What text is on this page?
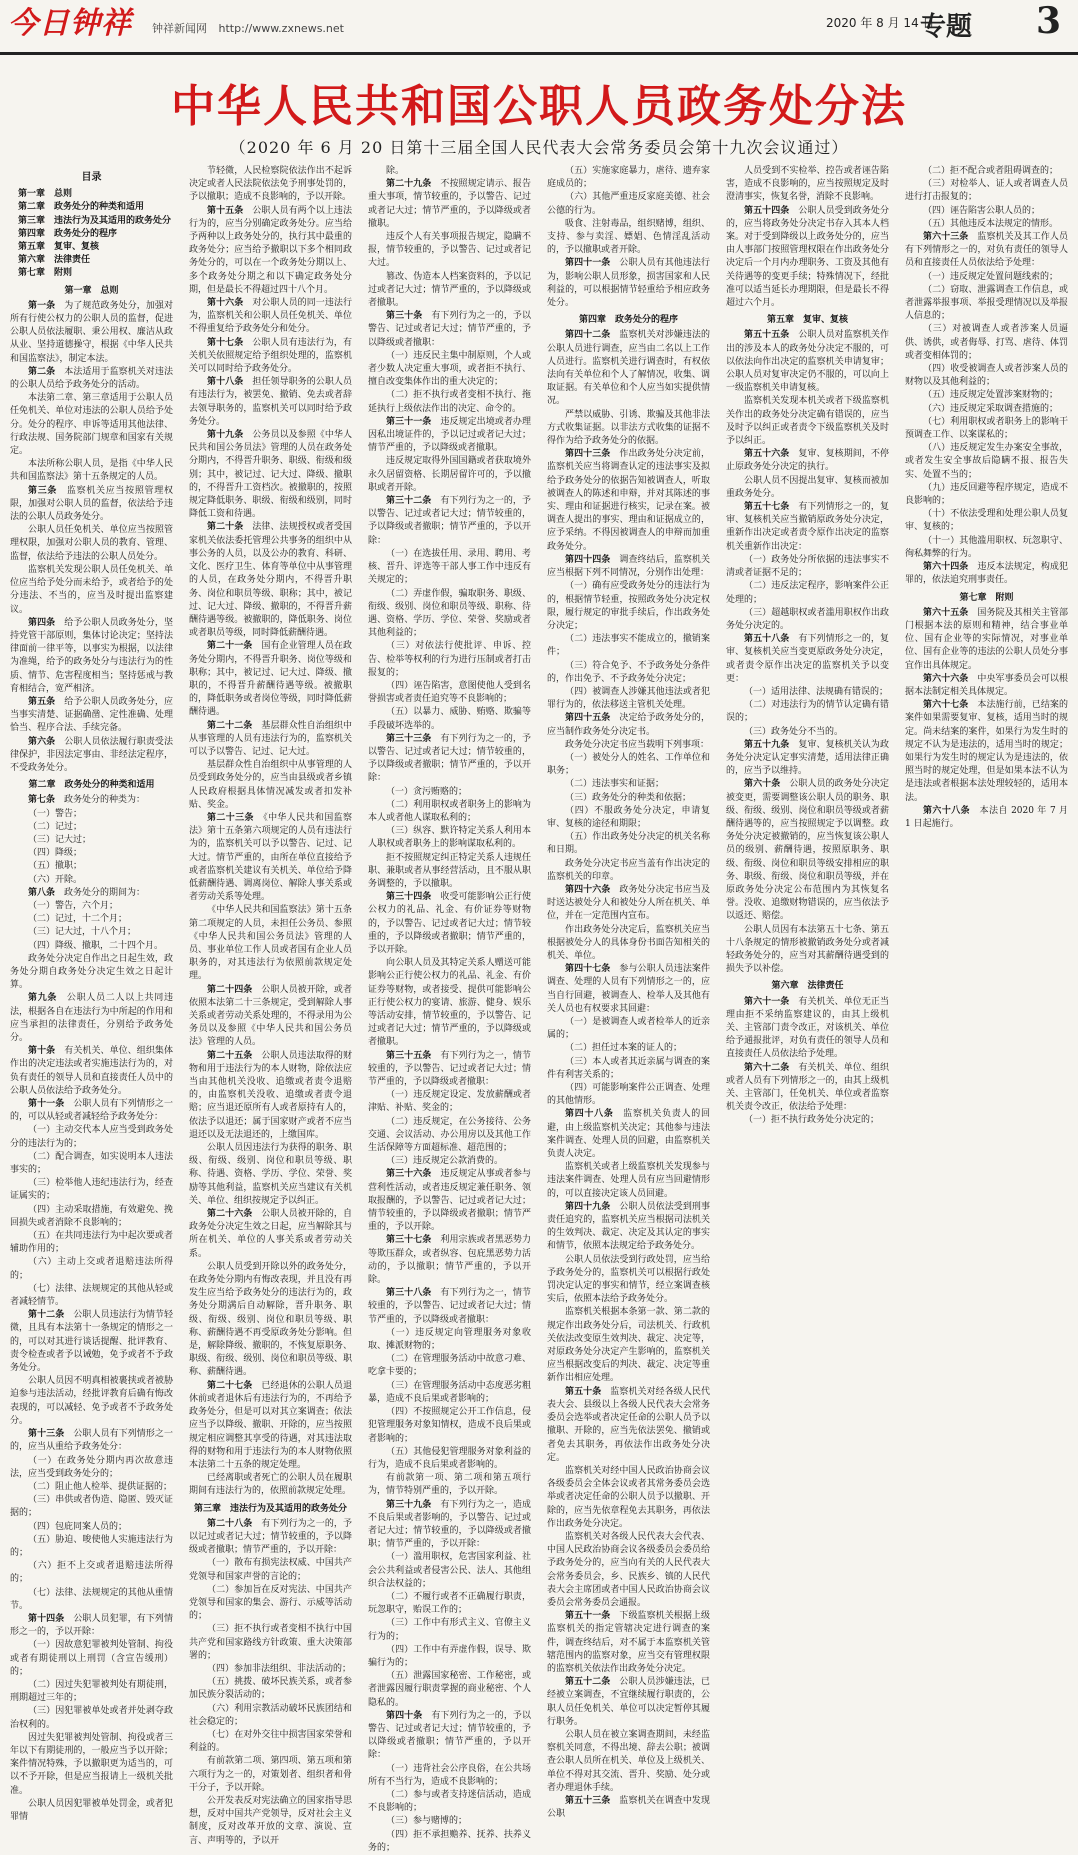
今日钟祥 钟祥新闻网 http://www.zxnews.net	2020 年 8 月 14 日
专题 3
中华人民共和国公职人员政务处分法
（2020 年 6 月 20 日第十三届全国人民代表大会常务委员会第十九次会议通过）
目录

第一章　总则

第二章　政务处分的种类和适用

第三章　违法行为及其适用的政务处分

第四章　政务处分的程序

第五章　复审、复核

第六章　法律责任

第七章　附则

第一章　总则

第一条　 为了规范政务处分，加强对所有行使公权力的公职人员的监督，促进公职人员依法履职、秉公用权、廉洁从政从业、坚持道德操守，根据《中华人民共和国监察法》，制定本法。

第二条　 本法适用于监察机关对违法的公职人员给予政务处分的活动。

本法第二章、第三章适用于公职人员任免机关、单位对违法的公职人员给予处分。处分的程序、申诉等适用其他法律、行政法规、国务院部门规章和国家有关规定。

本法所称公职人员，是指《中华人民共和国监察法》第十五条规定的人员。

第三条　 监察机关应当按照管理权限，加强对公职人员的监督，依法给予违法的公职人员政务处分。

公职人员任免机关、单位应当按照管理权限，加强对公职人员的教育、管理、监督，依法给予违法的公职人员处分。

监察机关发现公职人员任免机关、单位应当给予处分而未给予，或者给予的处分违法、不当的，应当及时提出监察建议。

第四条　 给予公职人员政务处分，坚持党管干部原则，集体讨论决定；坚持法律面前一律平等，以事实为根据，以法律为准绳，给予的政务处分与违法行为的性质、情节、危害程度相当；坚持惩戒与教育相结合，宽严相济。

第五条　 给予公职人员政务处分，应当事实清楚、证据确凿、定性准确、处理恰当、程序合法、手续完备。

第六条　 公职人员依法履行职责受法律保护，非因法定事由、非经法定程序，不受政务处分。

第二章　政务处分的种类和适用

第七条　 政务处分的种类为：

（一）警告；

（二）记过；

（三）记大过；

（四）降级；

（五）撤职；

（六）开除。

第八条　 政务处分的期间为：

（一）警告，六个月；

（二）记过，十二个月；

（三）记大过，十八个月；

（四）降级、撤职，二十四个月。

政务处分决定自作出之日起生效，政务处分期自政务处分决定生效之日起计算。

第九条　 公职人员二人以上共同违法，根据各自在违法行为中所起的作用和应当承担的法律责任，分别给予政务处分。

第十条　 有关机关、单位、组织集体作出的决定违法或者实施违法行为的，对负有责任的领导人员和直接责任人员中的公职人员依法给予政务处分。

第十一条　 公职人员有下列情形之一的，可以从轻或者减轻给予政务处分：

（一）主动交代本人应当受到政务处分的违法行为的；

（二）配合调查，如实说明本人违法事实的；

（三）检举他人违纪违法行为，经查证属实的；

（四）主动采取措施，有效避免、挽回损失或者消除不良影响的；

（五）在共同违法行为中起次要或者辅助作用的；

（六）主动上交或者退赔违法所得的；

（七）法律、法规规定的其他从轻或者减轻情节。

第十二条　 公职人员违法行为情节轻微，且具有本法第十一条规定的情形之一的，可以对其进行谈话提醒、批评教育、责令检查或者予以诫勉，免予或者不予政务处分。

公职人员因不明真相被裹挟或者被胁迫参与违法活动，经批评教育后确有悔改表现的，可以减轻、免予或者不予政务处分。

第十三条　 公职人员有下列情形之一的，应当从重给予政务处分：

（一）在政务处分期内再次故意违法，应当受到政务处分的；

（二）阻止他人检举、提供证据的；

（三）串供或者伪造、隐匿、毁灭证据的；

（四）包庇同案人员的；

（五）胁迫、唆使他人实施违法行为的；

（六）拒不上交或者退赔违法所得的；

（七）法律、法规规定的其他从重情节。

第十四条　 公职人员犯罪，有下列情形之一的，予以开除：

（一）因故意犯罪被判处管制、拘役或者有期徒刑以上刑罚（含宣告缓刑）的；

（二）因过失犯罪被判处有期徒刑，刑期超过三年的；

（三）因犯罪被单处或者并处剥夺政治权利的。

因过失犯罪被判处管制、拘役或者三年以下有期徒刑的，一般应当予以开除；案件情况特殊，予以撤职更为适当的，可以不予开除，但是应当报请上一级机关批准。

公职人员因犯罪被单处罚金，或者犯罪情

节轻微，人民检察院依法作出不起诉决定或者人民法院依法免予刑事处罚的，予以撤职；造成不良影响的，予以开除。

第十五条　 公职人员有两个以上违法行为的，应当分别确定政务处分。应当给予两种以上政务处分的，执行其中最重的政务处分；应当给予撤职以下多个相同政务处分的，可以在一个政务处分期以上、多个政务处分期之和以下确定政务处分期，但是最长不得超过四十八个月。

第十六条　 对公职人员的同一违法行为，监察机关和公职人员任免机关、单位不得重复给予政务处分和处分。

第十七条　 公职人员有违法行为，有关机关依照规定给予组织处理的，监察机关可以同时给予政务处分。

第十八条　 担任领导职务的公职人员有违法行为，被罢免、撤销、免去或者辞去领导职务的，监察机关可以同时给予政务处分。

第十九条　 公务员以及参照《中华人民共和国公务员法》管理的人员在政务处分期内，不得晋升职务、职级、衔级和级别；其中，被记过、记大过、降级、撤职的，不得晋升工资档次。被撤职的，按照规定降低职务、职级、衔级和级别，同时降低工资和待遇。

第二十条　 法律、法规授权或者受国家机关依法委托管理公共事务的组织中从事公务的人员，以及公办的教育、科研、文化、医疗卫生、体育等单位中从事管理的人员，在政务处分期内，不得晋升职务、岗位和职员等级、职称；其中，被记过、记大过、降级、撤职的，不得晋升薪酬待遇等级。被撤职的，降低职务、岗位或者职员等级，同时降低薪酬待遇。

第二十一条　 国有企业管理人员在政务处分期内，不得晋升职务、岗位等级和职称；其中，被记过、记大过、降级、撤职的，不得晋升薪酬待遇等级。被撤职的，降低职务或者岗位等级，同时降低薪酬待遇。

第二十二条　 基层群众性自治组织中从事管理的人员有违法行为的，监察机关可以予以警告、记过、记大过。

基层群众性自治组织中从事管理的人员受到政务处分的，应当由县级或者乡镇人民政府根据具体情况减发或者扣发补贴、奖金。

第二十三条　 《中华人民共和国监察法》第十五条第六项规定的人员有违法行为的，监察机关可以予以警告、记过、记大过。情节严重的，由所在单位直接给予或者监察机关建议有关机关、单位给予降低薪酬待遇、调离岗位、解除人事关系或者劳动关系等处理。

《中华人民共和国监察法》第十五条第二项规定的人员，未担任公务员、参照《中华人民共和国公务员法》管理的人员、事业单位工作人员或者国有企业人员职务的，对其违法行为依照前款规定处理。

第二十四条　 公职人员被开除，或者依照本法第二十三条规定，受到解除人事关系或者劳动关系处理的，不得录用为公务员以及参照《中华人民共和国公务员法》管理的人员。

第二十五条　 公职人员违法取得的财物和用于违法行为的本人财物，除依法应当由其他机关没收、追缴或者责令退赔的，由监察机关没收、追缴或者责令退赔；应当退还原所有人或者原持有人的，依法予以退还；属于国家财产或者不应当退还以及无法退还的，上缴国库。

公职人员因违法行为获得的职务、职级、衔级、级别、岗位和职员等级、职称、待遇、资格、学历、学位、荣誉、奖励等其他利益，监察机关应当建议有关机关、单位、组织按规定予以纠正。

第二十六条　 公职人员被开除的，自政务处分决定生效之日起，应当解除其与所在机关、单位的人事关系或者劳动关系。

公职人员受到开除以外的政务处分，在政务处分期内有悔改表现，并且没有再发生应当给予政务处分的违法行为的，政务处分期满后自动解除，晋升职务、职级、衔级、级别、岗位和职员等级、职称、薪酬待遇不再受原政务处分影响。但是，解除降级、撤职的，不恢复原职务、职级、衔级、级别、岗位和职员等级、职称、薪酬待遇。

第二十七条　 已经退休的公职人员退休前或者退休后有违法行为的，不再给予政务处分，但是可以对其立案调查；依法应当予以降级、撤职、开除的，应当按照规定相应调整其享受的待遇，对其违法取得的财物和用于违法行为的本人财物依照本法第二十五条的规定处理。

已经离职或者死亡的公职人员在履职期间有违法行为的，依照前款规定处理。

第三章　违法行为及其适用的政务处分

第二十八条　 有下列行为之一的，予以记过或者记大过；情节较重的，予以降级或者撤职；情节严重的，予以开除：

（一）散布有损宪法权威、中国共产党领导和国家声誉的言论的；

（二）参加旨在反对宪法、中国共产党领导和国家的集会、游行、示威等活动的；

（三）拒不执行或者变相不执行中国共产党和国家路线方针政策、重大决策部署的；

（四）参加非法组织、非法活动的；

（五）挑拨、破坏民族关系，或者参加民族分裂活动的；

（六）利用宗教活动破坏民族团结和社会稳定的；

（七）在对外交往中损害国家荣誉和利益的。

有前款第二项、第四项、第五项和第六项行为之一的，对策划者、组织者和骨干分子，予以开除。

公开发表反对宪法确立的国家指导思想，反对中国共产党领导，反对社会主义制度，反对改革开放的文章、演说、宣言、声明等的，予以开

除。

第二十九条　 不按照规定请示、报告重大事项，情节较重的，予以警告、记过或者记大过；情节严重的，予以降级或者撤职。

违反个人有关事项报告规定，隐瞒不报，情节较重的，予以警告、记过或者记大过。

篡改、伪造本人档案资料的，予以记过或者记大过；情节严重的，予以降级或者撤职。

第三十条　 有下列行为之一的，予以警告、记过或者记大过；情节严重的，予以降级或者撤职：

（一）违反民主集中制原则，个人或者少数人决定重大事项，或者拒不执行、擅自改变集体作出的重大决定的；

（二）拒不执行或者变相不执行、拖延执行上级依法作出的决定、命令的。

第三十一条　 违反规定出境或者办理因私出境证件的，予以记过或者记大过；情节严重的，予以降级或者撤职。

违反规定取得外国国籍或者获取境外永久居留资格、长期居留许可的，予以撤职或者开除。

第三十二条　 有下列行为之一的，予以警告、记过或者记大过；情节较重的，予以降级或者撤职；情节严重的，予以开除：

（一）在选拔任用、录用、聘用、考核、晋升、评选等干部人事工作中违反有关规定的；

（二）弄虚作假，骗取职务、职级、衔级、级别、岗位和职员等级、职称、待遇、资格、学历、学位、荣誉、奖励或者其他利益的；

（三）对依法行使批评、申诉、控告、检举等权利的行为进行压制或者打击报复的；

（四）诬告陷害，意图使他人受到名誉损害或者责任追究等不良影响的；

（五）以暴力、威胁、贿赂、欺骗等手段破坏选举的。

第三十三条　 有下列行为之一的，予以警告、记过或者记大过；情节较重的，予以降级或者撤职；情节严重的，予以开除：

（一）贪污贿赂的；

（二）利用职权或者职务上的影响为本人或者他人谋取私利的；

（三）纵容、默许特定关系人利用本人职权或者职务上的影响谋取私利的。

拒不按照规定纠正特定关系人违规任职、兼职或者从事经营活动，且不服从职务调整的，予以撤职。

第三十四条　 收受可能影响公正行使公权力的礼品、礼金、有价证券等财物的，予以警告、记过或者记大过；情节较重的，予以降级或者撤职；情节严重的，予以开除。

向公职人员及其特定关系人赠送可能影响公正行使公权力的礼品、礼金、有价证券等财物，或者接受、提供可能影响公正行使公权力的宴请、旅游、健身、娱乐等活动安排，情节较重的，予以警告、记过或者记大过；情节严重的，予以降级或者撤职。

第三十五条　 有下列行为之一，情节较重的，予以警告、记过或者记大过；情节严重的，予以降级或者撤职：

（一）违反规定设定、发放薪酬或者津贴、补贴、奖金的；

（二）违反规定，在公务接待、公务交通、会议活动、办公用房以及其他工作生活保障等方面超标准、超范围的；

（三）违反规定公款消费的。

第三十六条　 违反规定从事或者参与营利性活动，或者违反规定兼任职务、领取报酬的，予以警告、记过或者记大过；情节较重的，予以降级或者撤职；情节严重的，予以开除。

第三十七条　 利用宗族或者黑恶势力等欺压群众，或者纵容、包庇黑恶势力活动的，予以撤职；情节严重的，予以开除。

第三十八条　 有下列行为之一，情节较重的，予以警告、记过或者记大过；情节严重的，予以降级或者撤职：

（一）违反规定向管理服务对象收取、摊派财物的；

（二）在管理服务活动中故意刁难、吃拿卡要的；

（三）在管理服务活动中态度恶劣粗暴，造成不良后果或者影响的；

（四）不按照规定公开工作信息，侵犯管理服务对象知情权，造成不良后果或者影响的；

（五）其他侵犯管理服务对象利益的行为，造成不良后果或者影响的。

有前款第一项、第二项和第五项行为，情节特别严重的，予以开除。

第三十九条　 有下列行为之一，造成不良后果或者影响的，予以警告、记过或者记大过；情节较重的，予以降级或者撤职；情节严重的，予以开除：

（一）滥用职权，危害国家利益、社会公共利益或者侵害公民、法人、其他组织合法权益的；

（二）不履行或者不正确履行职责，玩忽职守，贻误工作的；

（三）工作中有形式主义、官僚主义行为的；

（四）工作中有弄虚作假，误导、欺骗行为的；

（五）泄露国家秘密、工作秘密，或者泄露因履行职责掌握的商业秘密、个人隐私的。

第四十条　 有下列行为之一的，予以警告、记过或者记大过；情节较重的，予以降级或者撤职；情节严重的，予以开除：

（一）违背社会公序良俗，在公共场所有不当行为，造成不良影响的；

（二）参与或者支持迷信活动，造成不良影响的；

（三）参与赌博的；

（四）拒不承担赡养、抚养、扶养义务的；

（五）实施家庭暴力，虐待、遗弃家庭成员的；

（六）其他严重违反家庭美德、社会公德的行为。

吸食、注射毒品，组织赌博，组织、支持、参与卖淫、嫖娼、色情淫乱活动的，予以撤职或者开除。

第四十一条　 公职人员有其他违法行为，影响公职人员形象，损害国家和人民利益的，可以根据情节轻重给予相应政务处分。

第四章　政务处分的程序

第四十二条　 监察机关对涉嫌违法的公职人员进行调查，应当由二名以上工作人员进行。监察机关进行调查时，有权依法向有关单位和个人了解情况，收集、调取证据。有关单位和个人应当如实提供情况。

严禁以威胁、引诱、欺骗及其他非法方式收集证据。以非法方式收集的证据不得作为给予政务处分的依据。

第四十三条　 作出政务处分决定前，监察机关应当将调查认定的违法事实及拟给予政务处分的依据告知被调查人，听取被调查人的陈述和申辩，并对其陈述的事实、理由和证据进行核实，记录在案。被调查人提出的事实、理由和证据成立的，应予采纳。不得因被调查人的申辩而加重政务处分。

第四十四条　 调查终结后，监察机关应当根据下列不同情况，分别作出处理：

（一）确有应受政务处分的违法行为的，根据情节轻重，按照政务处分决定权限，履行规定的审批手续后，作出政务处分决定；

（二）违法事实不能成立的，撤销案件；

（三）符合免予、不予政务处分条件的，作出免予、不予政务处分决定；

（四）被调查人涉嫌其他违法或者犯罪行为的，依法移送主管机关处理。

第四十五条　 决定给予政务处分的，应当制作政务处分决定书。

政务处分决定书应当载明下列事项：

（一）被处分人的姓名、工作单位和职务；

（二）违法事实和证据；

（三）政务处分的种类和依据；

（四）不服政务处分决定，申请复审、复核的途径和期限；

（五）作出政务处分决定的机关名称和日期。

政务处分决定书应当盖有作出决定的监察机关的印章。

第四十六条　 政务处分决定书应当及时送达被处分人和被处分人所在机关、单位，并在一定范围内宣布。

作出政务处分决定后，监察机关应当根据被处分人的具体身份书面告知相关的机关、单位。

第四十七条　 参与公职人员违法案件调查、处理的人员有下列情形之一的，应当自行回避，被调查人、检举人及其他有关人员也有权要求其回避：

（一）是被调查人或者检举人的近亲属的；

（二）担任过本案的证人的；

（三）本人或者其近亲属与调查的案件有利害关系的；

（四）可能影响案件公正调查、处理的其他情形。

第四十八条　 监察机关负责人的回避，由上级监察机关决定；其他参与违法案件调查、处理人员的回避，由监察机关负责人决定。

监察机关或者上级监察机关发现参与违法案件调查、处理人员有应当回避情形的，可以直接决定该人员回避。

第四十九条　 公职人员依法受到刑事责任追究的，监察机关应当根据司法机关的生效判决、裁定、决定及其认定的事实和情节，依照本法规定给予政务处分。

公职人员依法受到行政处罚，应当给予政务处分的，监察机关可以根据行政处罚决定认定的事实和情节，经立案调查核实后，依照本法给予政务处分。

监察机关根据本条第一款、第二款的规定作出政务处分后，司法机关、行政机关依法改变原生效判决、裁定、决定等，对原政务处分决定产生影响的，监察机关应当根据改变后的判决、裁定、决定等重新作出相应处理。

第五十条　 监察机关对经各级人民代表大会、县级以上各级人民代表大会常务委员会选举或者决定任命的公职人员予以撤职、开除的，应当先依法罢免、撤销或者免去其职务，再依法作出政务处分决定。

监察机关对经中国人民政治协商会议各级委员会全体会议或者其常务委员会选举或者决定任命的公职人员予以撤职、开除的，应当先依章程免去其职务，再依法作出政务处分决定。

监察机关对各级人民代表大会代表、中国人民政治协商会议各级委员会委员给予政务处分的，应当向有关的人民代表大会常务委员会，乡、民族乡、镇的人民代表大会主席团或者中国人民政治协商会议委员会常务委员会通报。

第五十一条　 下级监察机关根据上级监察机关的指定管辖决定进行调查的案件，调查终结后，对不属于本监察机关管辖范围内的监察对象，应当交有管理权限的监察机关依法作出政务处分决定。

第五十二条　 公职人员涉嫌违法，已经被立案调查，不宜继续履行职责的，公职人员任免机关、单位可以决定暂停其履行职务。

公职人员在被立案调查期间，未经监察机关同意，不得出境、辞去公职；被调查公职人员所在机关、单位及上级机关、单位不得对其交流、晋升、奖励、处分或者办理退休手续。

第五十三条　 监察机关在调查中发现公职

人员受到不实检举、控告或者诬告陷害，造成不良影响的，应当按照规定及时澄清事实，恢复名誉，消除不良影响。

第五十四条　 公职人员受到政务处分的，应当将政务处分决定书存入其本人档案。对于受到降级以上政务处分的，应当由人事部门按照管理权限在作出政务处分决定后一个月内办理职务、工资及其他有关待遇等的变更手续；特殊情况下，经批准可以适当延长办理期限，但是最长不得超过六个月。

第五章　复审、复核

第五十五条　 公职人员对监察机关作出的涉及本人的政务处分决定不服的，可以依法向作出决定的监察机关申请复审；公职人员对复审决定仍不服的，可以向上一级监察机关申请复核。

监察机关发现本机关或者下级监察机关作出的政务处分决定确有错误的，应当及时予以纠正或者责令下级监察机关及时予以纠正。

第五十六条　 复审、复核期间，不停止原政务处分决定的执行。

公职人员不因提出复审、复核而被加重政务处分。

第五十七条　 有下列情形之一的，复审、复核机关应当撤销原政务处分决定，重新作出决定或者责令原作出决定的监察机关重新作出决定：

（一）政务处分所依据的违法事实不清或者证据不足的；

（二）违反法定程序，影响案件公正处理的；

（三）超越职权或者滥用职权作出政务处分决定的。

第五十八条　 有下列情形之一的，复审、复核机关应当变更原政务处分决定，或者责令原作出决定的监察机关予以变更：

（一）适用法律、法规确有错误的；

（二）对违法行为的情节认定确有错误的；

（三）政务处分不当的。

第五十九条　 复审、复核机关认为政务处分决定认定事实清楚，适用法律正确的，应当予以维持。

第六十条　 公职人员的政务处分决定被变更，需要调整该公职人员的职务、职级、衔级、级别、岗位和职员等级或者薪酬待遇等的，应当按照规定予以调整。政务处分决定被撤销的，应当恢复该公职人员的级别、薪酬待遇，按照原职务、职级、衔级、岗位和职员等级安排相应的职务、职级、衔级、岗位和职员等级，并在原政务处分决定公布范围内为其恢复名誉。没收、追缴财物错误的，应当依法予以返还、赔偿。

公职人员因有本法第五十七条、第五十八条规定的情形被撤销政务处分或者减轻政务处分的，应当对其薪酬待遇受到的损失予以补偿。

第六章　法律责任

第六十一条　 有关机关、单位无正当理由拒不采纳监察建议的，由其上级机关、主管部门责令改正，对该机关、单位给予通报批评，对负有责任的领导人员和直接责任人员依法给予处理。

第六十二条　 有关机关、单位、组织或者人员有下列情形之一的，由其上级机关、主管部门，任免机关、单位或者监察机关责令改正，依法给予处理：

（一）拒不执行政务处分决定的；

（二）拒不配合或者阻碍调查的；

（三）对检举人、证人或者调查人员进行打击报复的；

（四）诬告陷害公职人员的；

（五）其他违反本法规定的情形。

第六十三条　 监察机关及其工作人员有下列情形之一的，对负有责任的领导人员和直接责任人员依法给予处理：

（一）违反规定处置问题线索的；

（二）窃取、泄露调查工作信息，或者泄露举报事项、举报受理情况以及举报人信息的；

（三）对被调查人或者涉案人员逼供、诱供，或者侮辱、打骂、虐待、体罚或者变相体罚的；

（四）收受被调查人或者涉案人员的财物以及其他利益的；

（五）违反规定处置涉案财物的；

（六）违反规定采取调查措施的；

（七）利用职权或者职务上的影响干预调查工作、以案谋私的；

（八）违反规定发生办案安全事故，或者发生安全事故后隐瞒不报、报告失实、处置不当的；

（九）违反回避等程序规定，造成不良影响的；

（十）不依法受理和处理公职人员复审、复核的；

（十一）其他滥用职权、玩忽职守、徇私舞弊的行为。

第六十四条　 违反本法规定，构成犯罪的，依法追究刑事责任。

第七章　附则

第六十五条　 国务院及其相关主管部门根据本法的原则和精神，结合事业单位、国有企业等的实际情况，对事业单位、国有企业等的违法的公职人员处分事宜作出具体规定。

第六十六条　 中央军事委员会可以根据本法制定相关具体规定。

第六十七条　 本法施行前，已结案的案件如果需要复审、复核，适用当时的规定。尚未结案的案件，如果行为发生时的规定不认为是违法的，适用当时的规定；如果行为发生时的规定认为是违法的，依照当时的规定处理，但是如果本法不认为是违法或者根据本法处理较轻的，适用本法。

第六十八条　 本法自 2020 年 7 月 1 日起施行。
